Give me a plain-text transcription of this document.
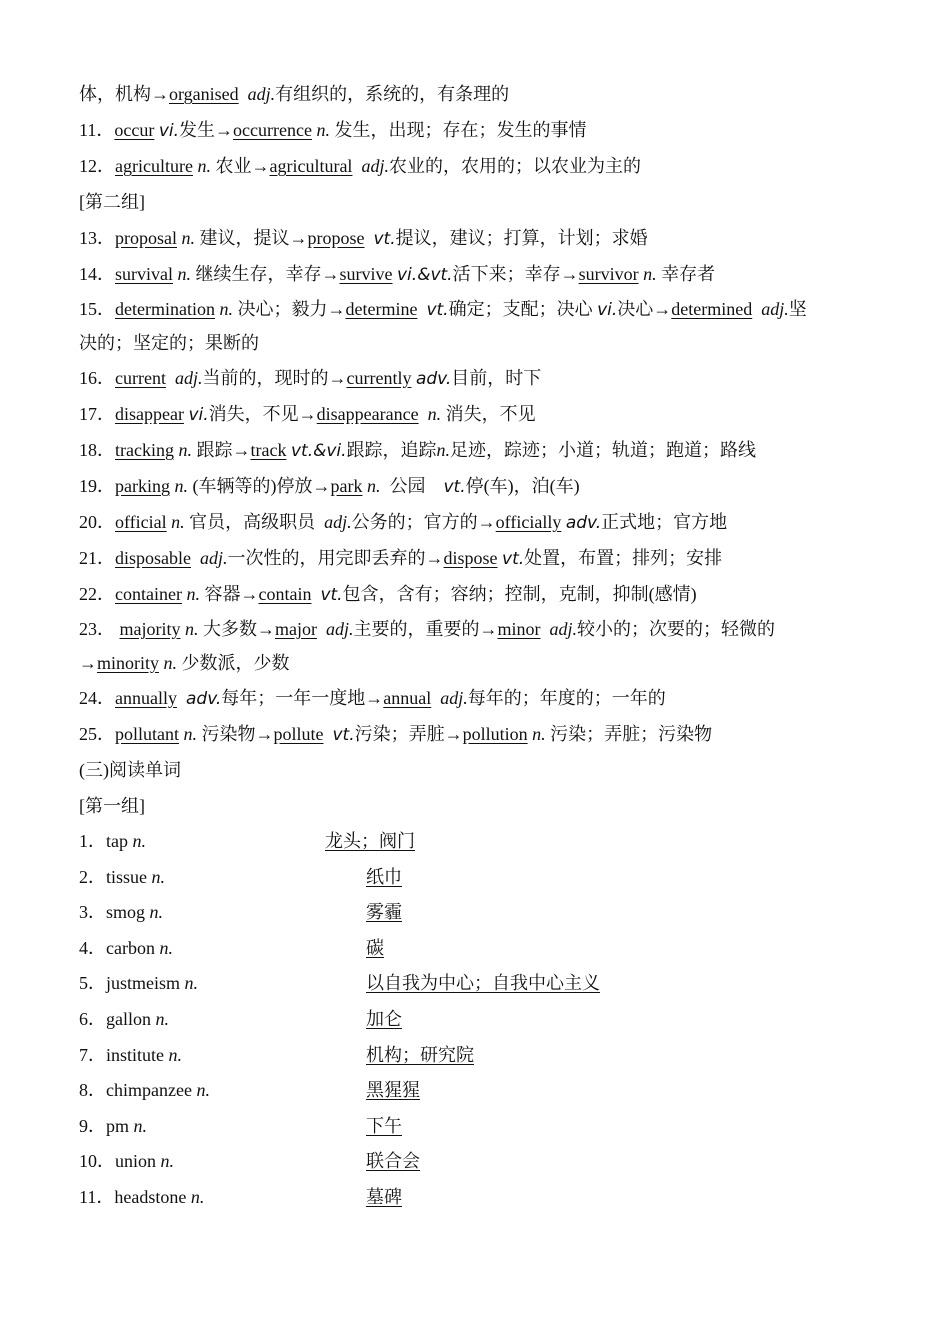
体，机构→organised adj.有组织的，系统的，有条理的
11．occur vi.发生→occurrence n. 发生，出现；存在；发生的事情
12．agriculture n. 农业→agricultural adj.农业的，农用的；以农业为主的
[第二组]
13．proposal n. 建议，提议→propose vt.提议，建议；打算，计划；求婚
14．survival n. 继续生存，幸存→survive vi.&vt.活下来；幸存→survivor n. 幸存者
15．determination n. 决心；毅力→determine vt.确定；支配；决心 vi.决心→determined adj.坚
决的；坚定的；果断的
16．current adj.当前的，现时的→currently adv.目前，时下
17．disappear vi.消失，不见→disappearance n. 消失，不见
18．tracking n. 跟踪→track vt.&vi.跟踪，追踪n.足迹，踪迹；小道；轨道；跑道；路线
19．parking n. (车辆等的)停放→park n. 公园 vt.停(车)，泊(车)
20．official n. 官员，高级职员 adj.公务的；官方的→officially adv.正式地；官方地
21．disposable adj.一次性的，用完即丢弃的→dispose vt.处置，布置；排列；安排
22．container n. 容器→contain vt.包含，含有；容纳；控制，克制，抑制(感情)
23． majority n. 大多数→major adj.主要的，重要的→minor adj.较小的；次要的；轻微的
→minority n. 少数派，少数
24．annually adv.每年；一年一度地→annual adj.每年的；年度的；一年的
25．pollutant n. 污染物→pollute vt.污染；弄脏→pollution n. 污染；弄脏；污染物
(三)阅读单词
[第一组]
1．tap n.	龙头；阀门
2．tissue n.	纸巾
3．smog n.	雾霾
4．carbon n.	碳
5．justmeism n.	以自我为中心；自我中心主义
6．gallon n.	加仑
7．institute n.	机构；研究院
8．chimpanzee n.	黑猩猩
9．pm n.	下午
10．union n.	联合会
11．headstone n.	墓碑
